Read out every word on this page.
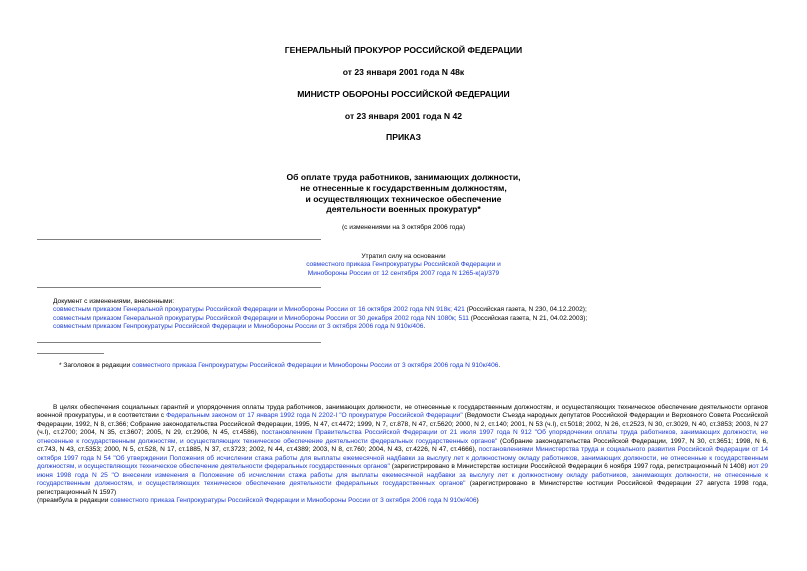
ГЕНЕРАЛЬНЫЙ ПРОКУРОР РОССИЙСКОЙ ФЕДЕРАЦИИ
от 23 января 2001 года N 48к
МИНИСТР ОБОРОНЫ РОССИЙСКОЙ ФЕДЕРАЦИИ
от 23 января 2001 года N 42
ПРИКАЗ
Об оплате труда работников, занимающих должности,
не отнесенные к государственным должностям,
и осуществляющих техническое обеспечение
деятельности военных прокуратур*
(с изменениями на 3 октября 2006 года)
Утратил силу на основании
совместного приказа Генпрокуратуры Российской Федерации и
Минобороны России от 12 сентября 2007 года N 1265-к(а)/379
Документ с изменениями, внесенными:
совместным приказом Генеральной прокуратуры Российской Федерации и Минобороны России от 16 октября 2002 года NN 918к; 421 (Российская газета, N 230, 04.12.2002);
совместным приказом Генеральной прокуратуры Российской Федерации и Минобороны России от 30 декабря 2002 года NN 1080к; 511 (Российская газета, N 21, 04.02.2003);
совместным приказом Генпрокуратуры Российской Федерации и Минобороны России от 3 октября 2006 года N 910к/406.
* Заголовок в редакции совместного приказа Генпрокуратуры Российской Федерации и Минобороны России от 3 октября 2006 года N 910к/406.

В целях обеспечения социальных гарантий и упорядочения оплаты труда работников, занимающих должности, не отнесенные к государственным должностям, и осуществляющих техническое обеспечение деятельности органов военной прокуратуры, и в соответствии с Федеральным законом от 17 января 1992 года N 2202-I "О прокуратуре Российской Федерации" (Ведомости Съезда народных депутатов Российской Федерации и Верховного Совета Российской Федерации, 1992, N 8, ст.366; Собрание законодательства Российской Федерации, 1995, N 47, ст.4472; 1999, N 7, ст.878, N 47, ст.5620; 2000, N 2, ст.140; 2001, N 53 (ч.I), ст.5018; 2002, N 26, ст.2523, N 30, ст.3029, N 40, ст.3853; 2003, N 27 (ч.I), ст.2700; 2004, N 35, ст.3607; 2005, N 29, ст.2906, N 45, ст.4586), постановлением Правительства Российской Федерации от 21 июля 1997 года N 912 "Об упорядочении оплаты труда работников, занимающих должности, не отнесенные к государственным должностям, и осуществляющих техническое обеспечение деятельности федеральных государственных органов" (Собрание законодательства Российской Федерации, 1997, N 30, ст.3651; 1998, N 6, ст.743, N 43, ст.5353; 2000, N 5, ст.528, N 17, ст.1885, N 37, ст.3723; 2002, N 44, ст.4389; 2003, N 8, ст.760; 2004, N 43, ст.4226, N 47, ст.4666), постановлениями Министерства труда и социального развития Российской Федерации от 14 октября 1997 года N 54 "Об утверждении Положения об исчислении стажа работы для выплаты ежемесячной надбавки за выслугу лет к должностному окладу работников, занимающих должности, не отнесенные к государственным должностям, и осуществляющих техническое обеспечение деятельности федеральных государственных органов" (зарегистрировано в Министерстве юстиции Российской Федерации 6 ноября 1997 года, регистрационный N 1408) иот 29 июня 1998 года N 25 "О внесении изменения в Положение об исчислении стажа работы для выплаты ежемесячной надбавки за выслугу лет к должностному окладу работников, занимающих должности, не отнесенные к государственным должностям, и осуществляющих техническое обеспечение деятельности федеральных государственных органов" (зарегистрировано в Министерстве юстиции Российской Федерации 27 августа 1998 года, регистрационный N 1597)

(преамбула в редакции совместного приказа Генпрокуратуры Российской Федерации и Минобороны России от 3 октября 2006 года N 910к/406)
